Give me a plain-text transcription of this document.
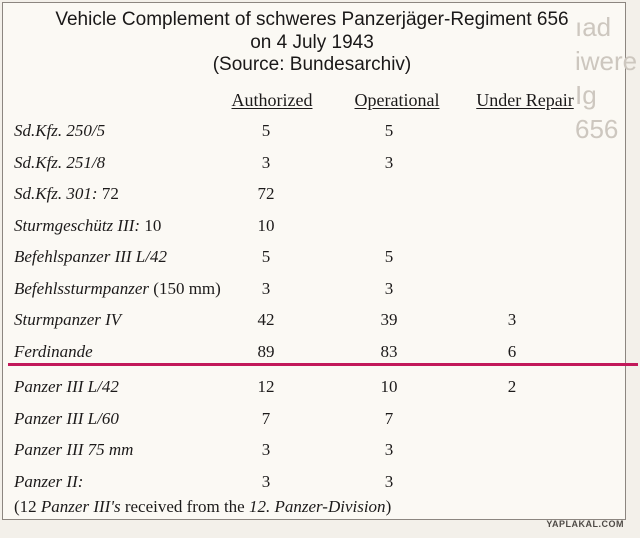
ıad
iwere
Ig 656
Vehicle Complement of schweres Panzerjäger-Regiment 656
on 4 July 1943
(Source: Bundesarchiv)
Authorized	Operational	Under Repair
Sd.Kfz. 250/5	5	5
Sd.Kfz. 251/8	3	3
Sd.Kfz. 301: 72	72
Sturmgeschütz III: 10	10
Befehlspanzer III L/42	5	5
Befehlssturmpanzer (150 mm)	3	3
Sturmpanzer IV	42	39	3
Ferdinande	89	83	6
Panzer III L/42	12	10	2
Panzer III L/60	7	7
Panzer III 75 mm	3	3
Panzer II:	3	3
(12 Panzer III's received from the 12. Panzer-Division)
YAPLAKAL.COM
